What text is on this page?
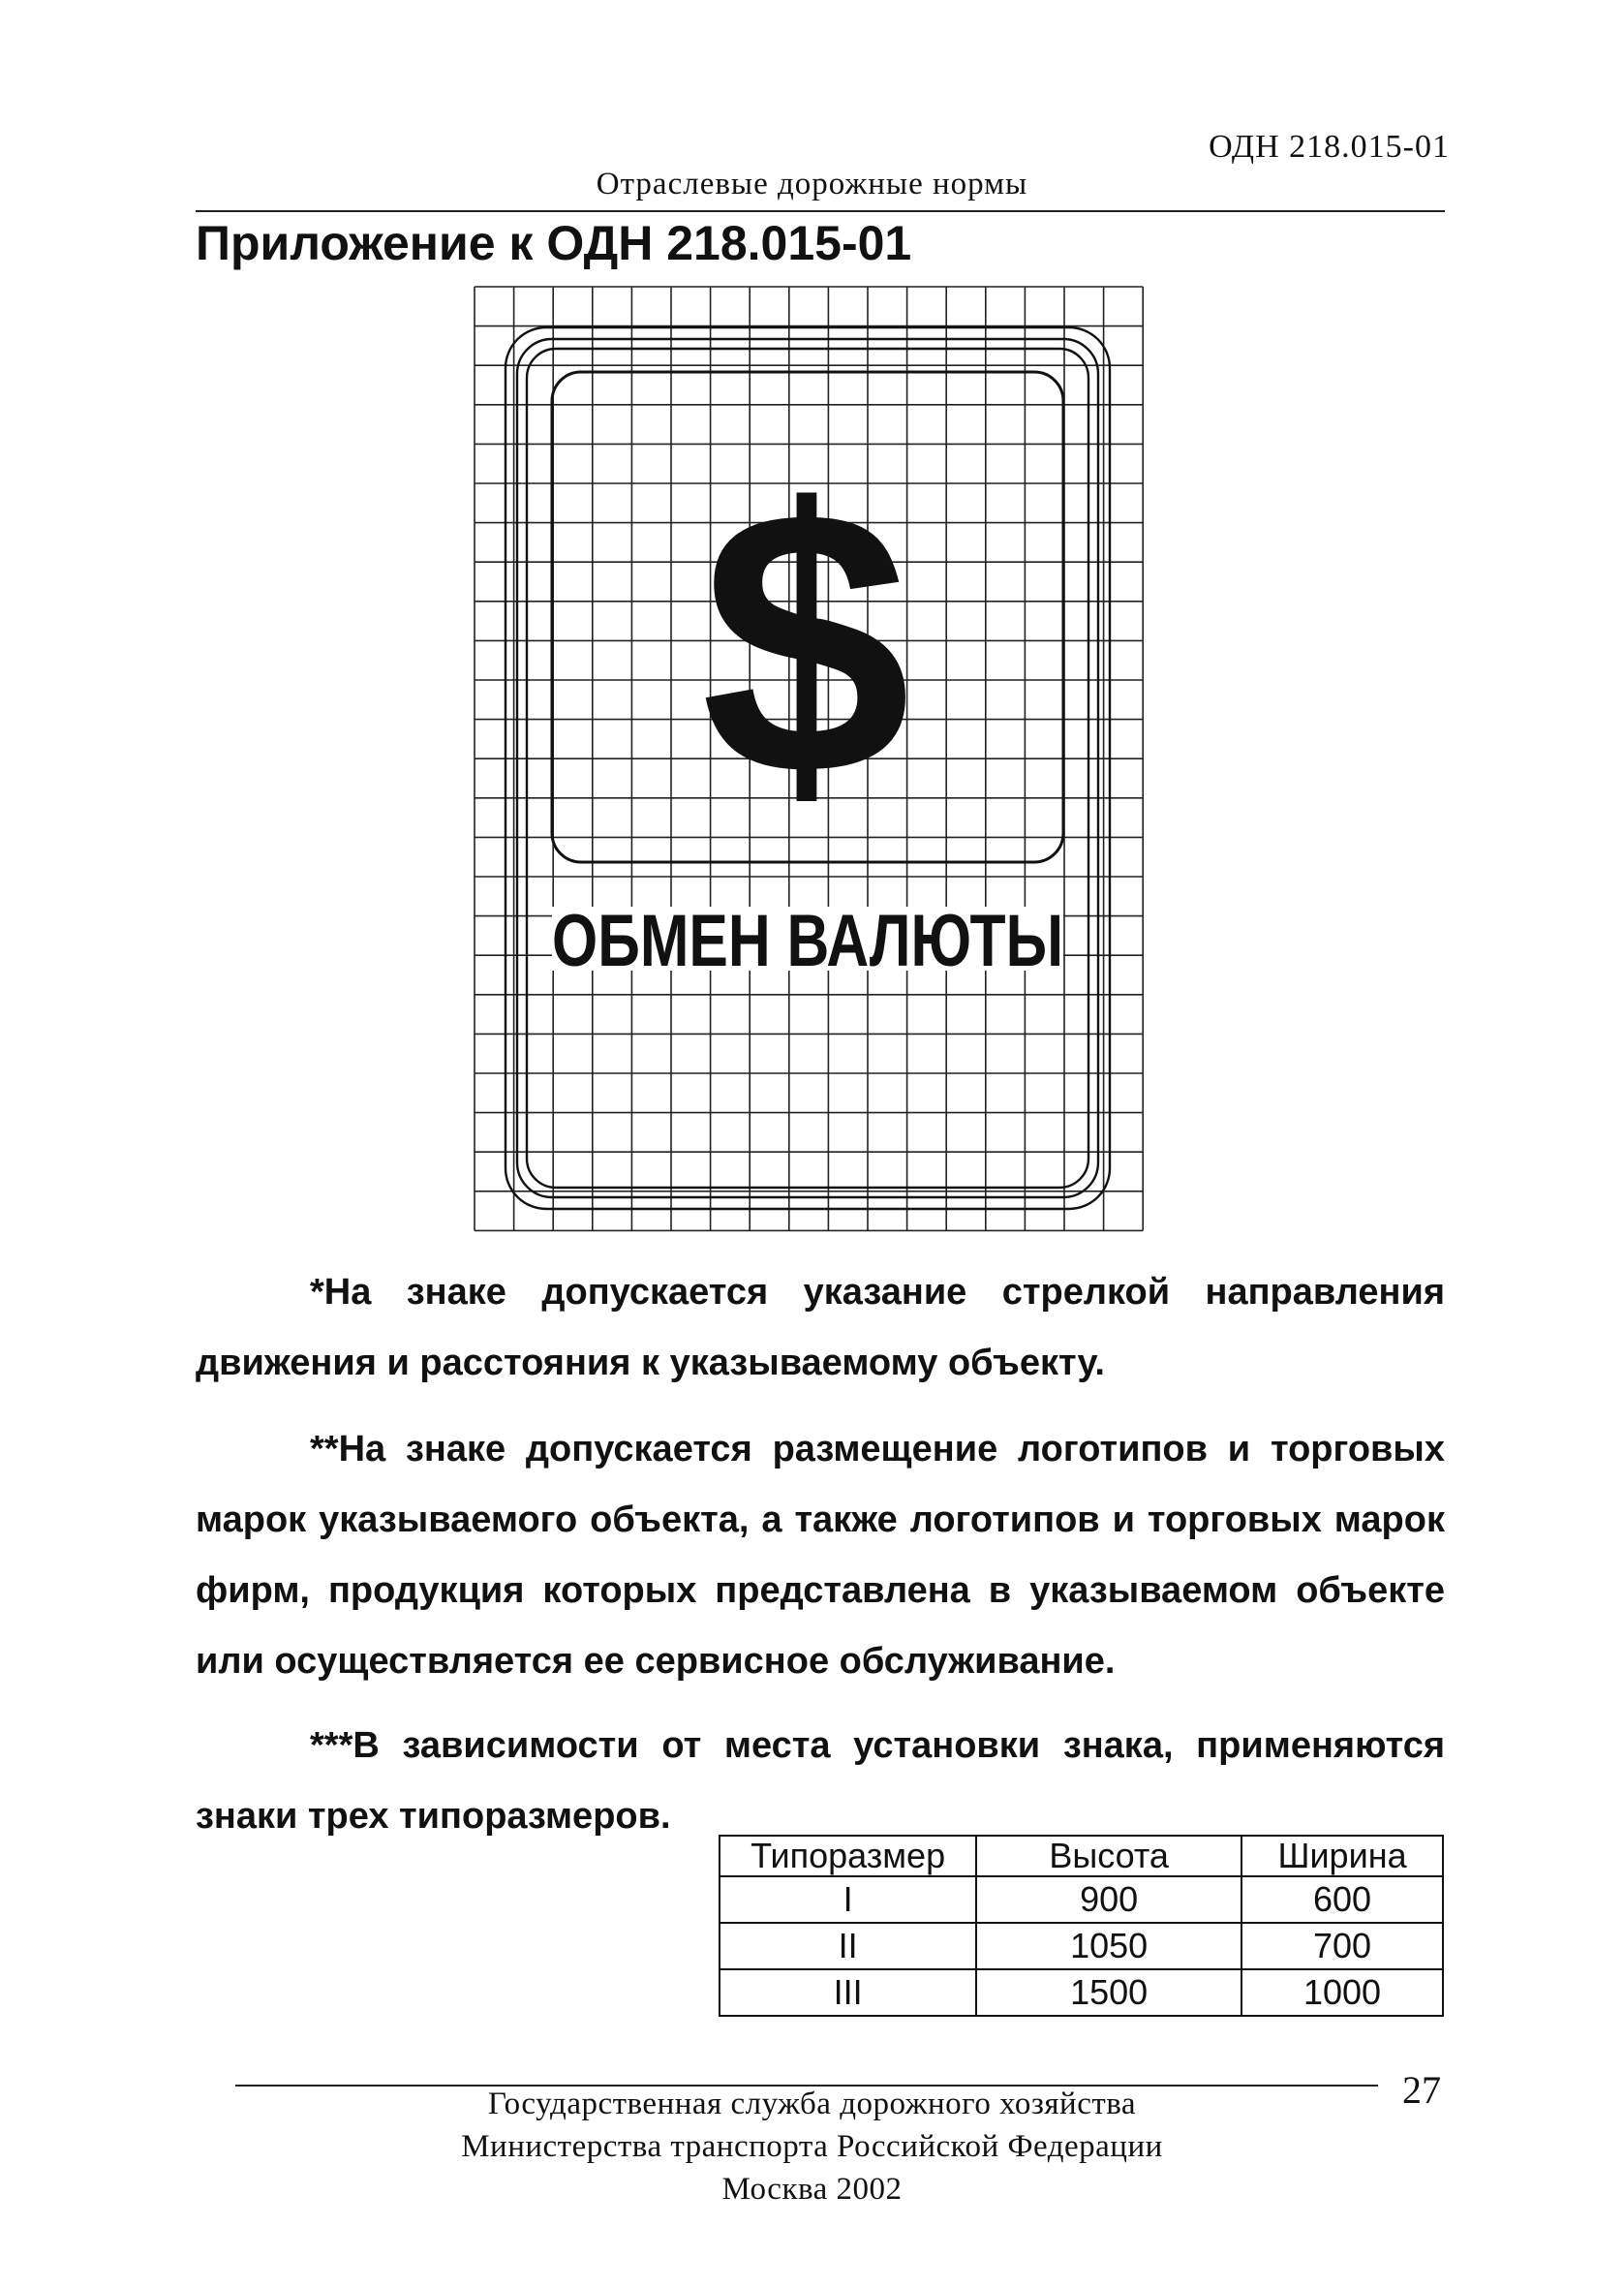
ОДН 218.015-01
Отраслевые дорожные нормы
Приложение к ОДН 218.015-01
$
ОБМЕН ВАЛЮТЫ

*На знаке допускается указание стрелкой направления движения и расстояния к указываемому объекту.

**На знаке допускается размещение логотипов и торговых марок указываемого объекта, а также логотипов и торговых марок фирм, продукция которых представлена в указываемом объекте или осуществляется ее сервисное обслуживание.

***В зависимости от места установки знака, применяются знаки трех типоразмеров.

Типоразмер	Высота	Ширина
I	900	600
II	1050	700
III	1500	1000
27
Государственная служба дорожного хозяйства
Министерства транспорта Российской Федерации
Москва 2002
